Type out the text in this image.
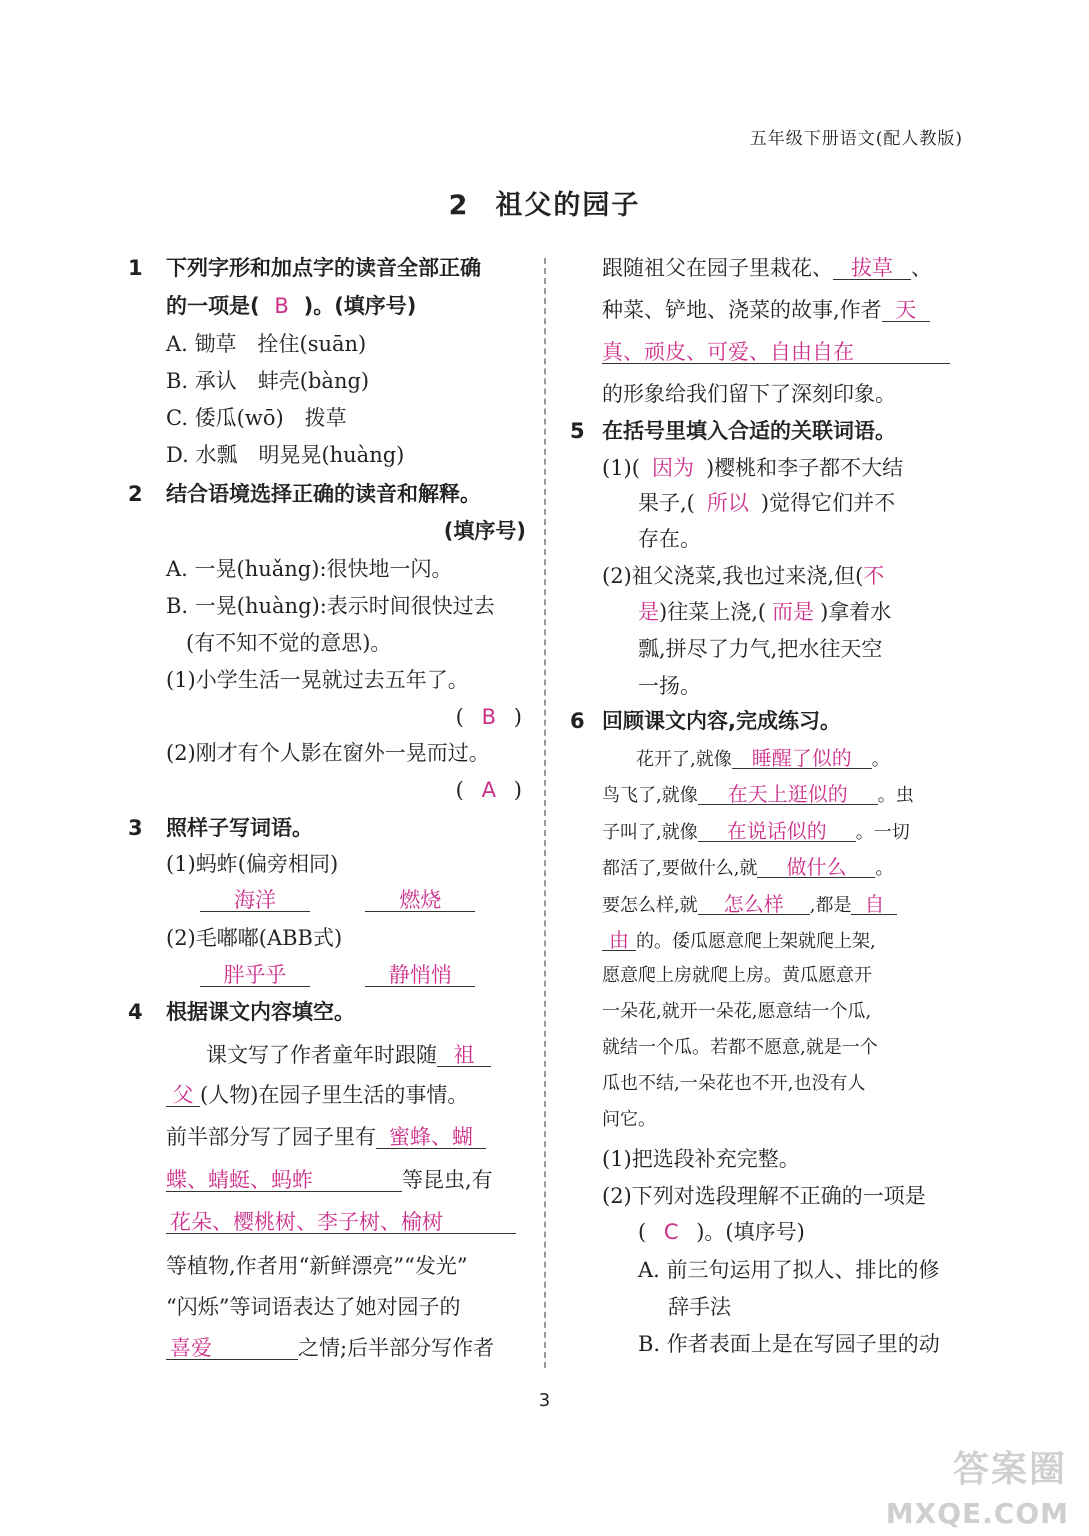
五年级下册语文(配人教版)
2 祖父的园子
1 下列字形和加点字的读音全部正确
的一项是( B )。(填序号)
A. 锄草　拴住(suān)
B. 承认　蚌壳(bàng)
C. 倭瓜(wō)　拨草
D. 水瓢　明晃晃(huàng)
2 结合语境选择正确的读音和解释。
(填序号)
A. 一晃(huǎng):很快地一闪。
B. 一晃(huàng):表示时间很快过去
(有不知不觉的意思)。
(1)小学生活一晃就过去五年了。
( B )
(2)刚才有个人影在窗外一晃而过。
( A )
3 照样子写词语。
(1)蚂蚱(偏旁相同)
海洋	燃烧
(2)毛嘟嘟(ABB式)
胖乎乎	静悄悄
4 根据课文内容填空。
课文写了作者童年时跟随 祖
父 (人物)在园子里生活的事情。
前半部分写了园子里有 蜜蜂、蝴
蝶、蜻蜓、蚂蚱	等昆虫,有
花朵、樱桃树、李子树、榆树
等植物,作者用“新鲜漂亮”“发光”
“闪烁”等词语表达了她对园子的
喜爱	之情;后半部分写作者
跟随祖父在园子里栽花、 拔草 、
种菜、铲地、浇菜的故事,作者 天
真、顽皮、可爱、自由自在
的形象给我们留下了深刻印象。
5 在括号里填入合适的关联词语。
(1)( 因为 )樱桃和李子都不大结
果子,( 所以 )觉得它们并不
存在。
(2)祖父浇菜,我也过来浇,但(不
是)往菜上浇,( 而是 )拿着水
瓢,拼尽了力气,把水往天空
一扬。
6 回顾课文内容,完成练习。
花开了,就像 睡醒了似的 。
鸟飞了,就像 在天上逛似的 。虫
子叫了,就像 在说话似的 。一切
都活了,要做什么,就 做什么 。
要怎么样,就 怎么样 ,都是 自
由 的。倭瓜愿意爬上架就爬上架,
愿意爬上房就爬上房。黄瓜愿意开
一朵花,就开一朵花,愿意结一个瓜,
就结一个瓜。若都不愿意,就是一个
瓜也不结,一朵花也不开,也没有人
问它。
(1)把选段补充完整。
(2)下列对选段理解不正确的一项是
( C )。(填序号)
A. 前三句运用了拟人、排比的修
辞手法
B. 作者表面上是在写园子里的动
3
答案圈
MXQE.COM
